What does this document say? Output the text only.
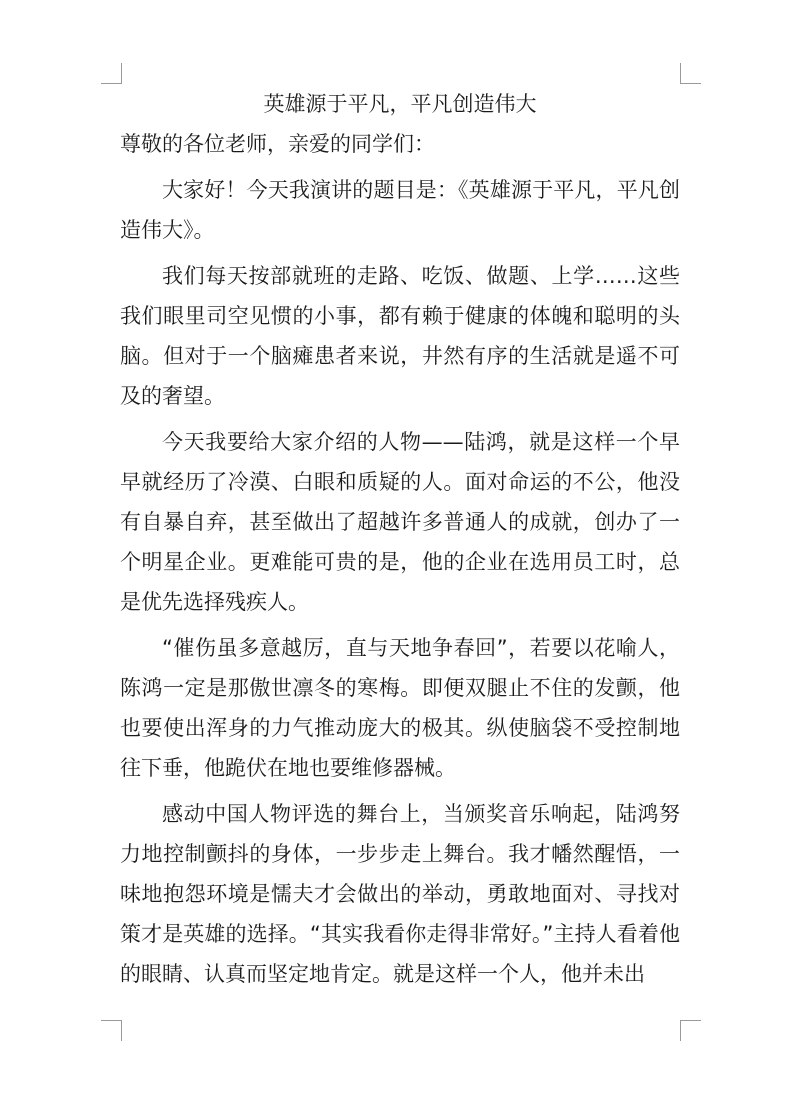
英雄源于平凡，平凡创造伟大

尊敬的各位老师，亲爱的同学们：

大家好！今天我演讲的题目是：《英雄源于平凡，平凡创造伟大》。

我们每天按部就班的走路、吃饭、做题、上学……这些我们眼里司空见惯的小事，都有赖于健康的体魄和聪明的头脑。但对于一个脑瘫患者来说，井然有序的生活就是遥不可及的奢望。

今天我要给大家介绍的人物——陆鸿，就是这样一个早早就经历了冷漠、白眼和质疑的人。面对命运的不公，他没有自暴自弃，甚至做出了超越许多普通人的成就，创办了一个明星企业。更难能可贵的是，他的企业在选用员工时，总是优先选择残疾人。

“催伤虽多意越厉，直与天地争春回”，若要以花喻人，陈鸿一定是那傲世凛冬的寒梅。即便双腿止不住的发颤，他也要使出浑身的力气推动庞大的极其。纵使脑袋不受控制地往下垂，他跪伏在地也要维修器械。

感动中国人物评选的舞台上，当颁奖音乐响起，陆鸿努力地控制颤抖的身体，一步步走上舞台。我才幡然醒悟，一味地抱怨环境是懦夫才会做出的举动，勇敢地面对、寻找对策才是英雄的选择。“其实我看你走得非常好。”主持人看着他的眼睛、认真而坚定地肯定。就是这样一个人，他并未出
